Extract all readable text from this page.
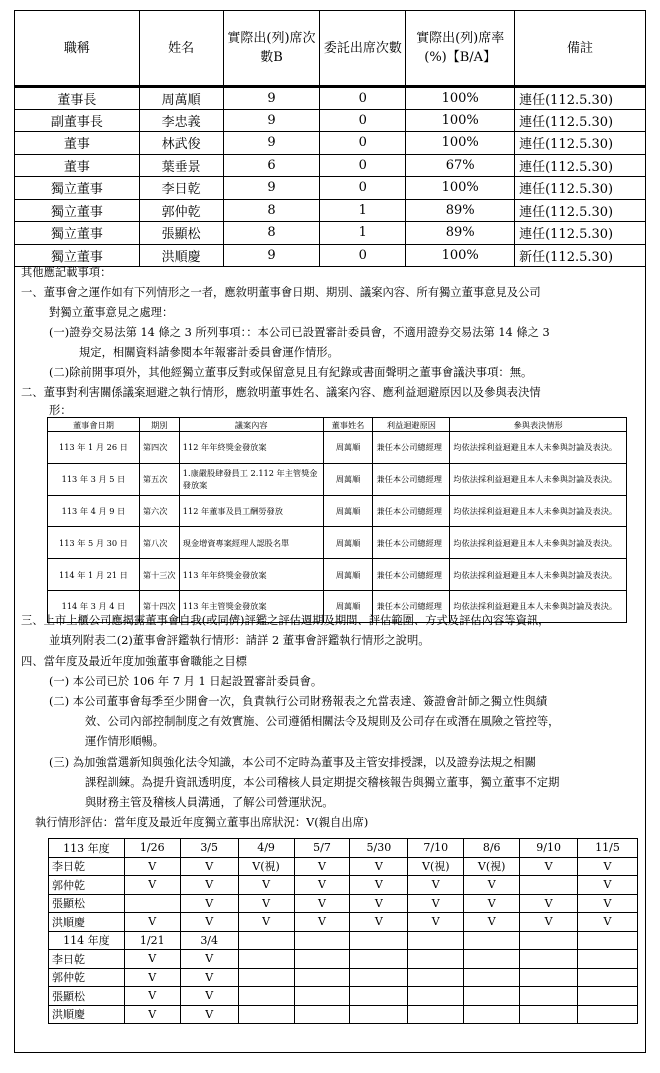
職稱	姓名	實際出(列)席次數B	委託出席次數	實際出(列)席率(%)【B/A】	備註
董事長	周萬順	9	0	100%	連任(112.5.30)
副董事長	李忠義	9	0	100%	連任(112.5.30)
董事	林武俊	9	0	100%	連任(112.5.30)
董事	葉垂景	6	0	67%	連任(112.5.30)
獨立董事	李日乾	9	0	100%	連任(112.5.30)
獨立董事	郭仲乾	8	1	89%	連任(112.5.30)
獨立董事	張顯松	8	1	89%	連任(112.5.30)
獨立董事	洪順慶	9	0	100%	新任(112.5.30)
其他應記載事項：
一、董事會之運作如有下列情形之一者，應敘明董事會日期、期別、議案內容、所有獨立董事意見及公司
對獨立董事意見之處理：
(一)證券交易法第 14 條之 3 所列事項：：本公司已設置審計委員會，不適用證券交易法第 14 條之 3
規定，相關資料請參閱本年報審計委員會運作情形。
(二)除前開事項外，其他經獨立董事反對或保留意見且有紀錄或書面聲明之董事會議決事項：無。
二、董事對利害關係議案迴避之執行情形，應敘明董事姓名、議案內容、應利益迴避原因以及參與表決情
形：
三、上市上櫃公司應揭露董事會自我(或同儕)評鑑之評估週期及期間、評估範圍、方式及評估內容等資訊，
並填列附表二(2)董事會評鑑執行情形：請詳 2 董事會評鑑執行情形之說明。
四、當年度及最近年度加強董事會職能之目標
(一) 本公司已於 106 年 7 月 1 日起設置審計委員會。
(二) 本公司董事會每季至少開會一次，負責執行公司財務報表之允當表達、簽證會計師之獨立性與績
效、公司內部控制制度之有效實施、公司遵循相關法令及規則及公司存在或潛在風險之管控等，
運作情形順暢。
(三) 為加強當選新知與強化法令知識，本公司不定時為董事及主管安排授課，以及證券法規之相關
課程訓練。為提升資訊透明度，本公司稽核人員定期提交稽核報告與獨立董事，獨立董事不定期
與財務主管及稽核人員溝通，了解公司營運狀況。
執行情形評估：當年度及最近年度獨立董事出席狀況：V(親自出席)
董事會日期	期別	議案內容	董事姓名	利益迴避原因	參與表決情形
113 年 1 月 26 日	第四次	112 年年終獎金發放案	周萬順	兼任本公司總經理	均依法採利益迴避且本人未參與討論及表決。
113 年 3 月 5 日	第五次	1.康嚴股肆發員工 2.112 年主管獎金發放案	周萬順	兼任本公司總經理	均依法採利益迴避且本人未參與討論及表決。
113 年 4 月 9 日	第六次	112 年董事及員工酬勞發放	周萬順	兼任本公司總經理	均依法採利益迴避且本人未參與討論及表決。
113 年 5 月 30 日	第八次	現金增資專案經理人認股名單	周萬順	兼任本公司總經理	均依法採利益迴避且本人未參與討論及表決。
114 年 1 月 21 日	第十三次	113 年年終獎金發放案	周萬順	兼任本公司總經理	均依法採利益迴避且本人未參與討論及表決。
114 年 3 月 4 日	第十四次	113 年主管獎金發放案	周萬順	兼任本公司總經理	均依法採利益迴避且本人未參與討論及表決。
113 年度	1/26	3/5	4/9	5/7	5/30	7/10	8/6	9/10	11/5
李日乾	V	V	V(視)	V	V	V(視)	V(視)	V	V
郭仲乾	V	V	V	V	V	V	V		V
張顯松		V	V	V	V	V	V	V	V
洪順慶	V	V	V	V	V	V	V	V	V
114 年度	1/21	3/4							
李日乾	V	V							
郭仲乾	V	V							
張顯松	V	V							
洪順慶	V	V							
